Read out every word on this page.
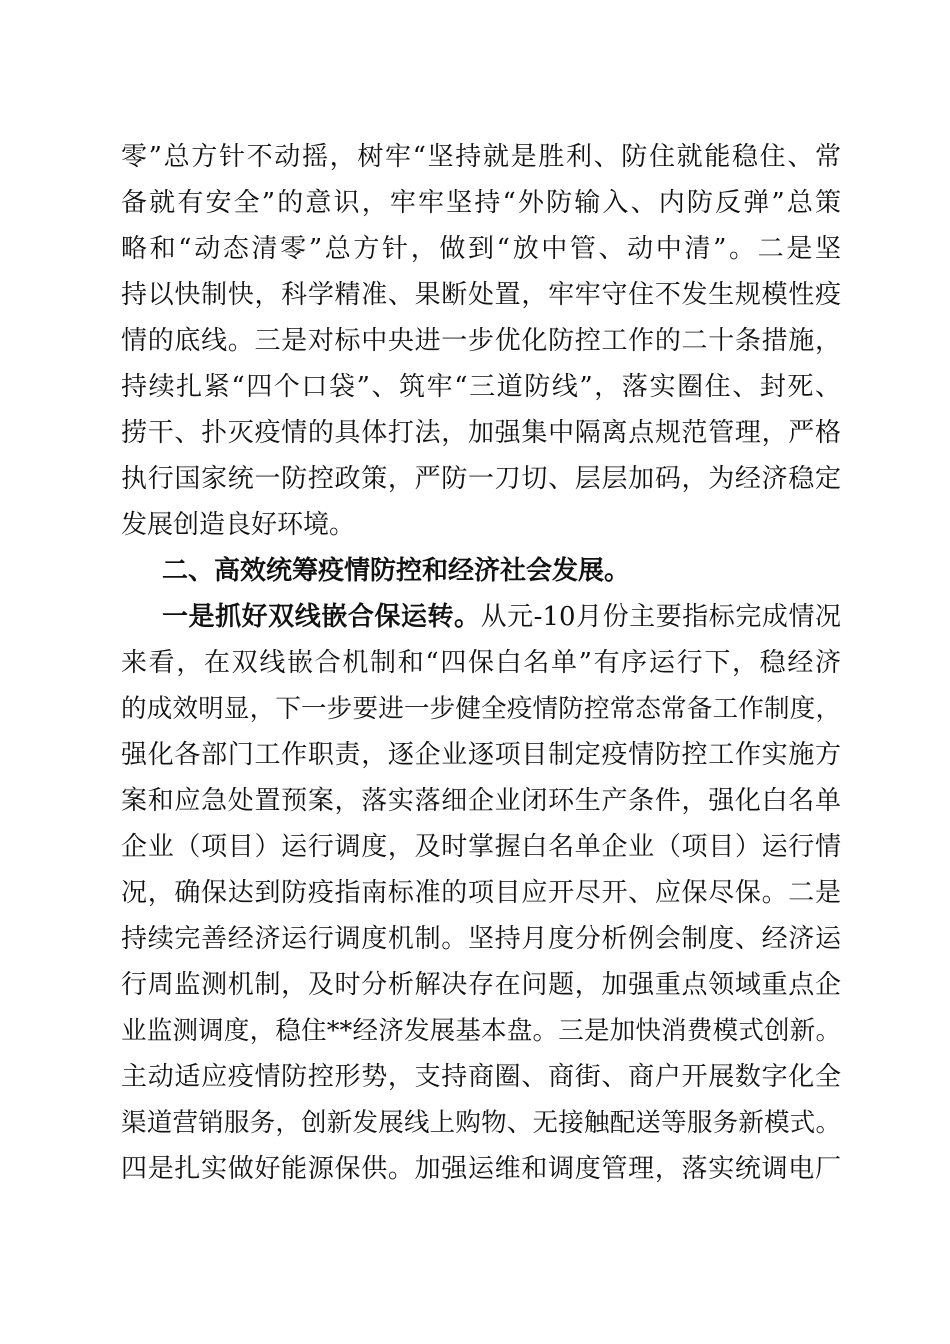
零”总方针不动摇，树牢“坚持就是胜利、防住就能稳住、常
备就有安全”的意识，牢牢坚持“外防输入、内防反弹”总策
略和“动态清零”总方针，做到“放中管、动中清”。二是坚
持以快制快，科学精准、果断处置，牢牢守住不发生规模性疫
情的底线。三是对标中央进一步优化防控工作的二十条措施，
持续扎紧“四个口袋”、筑牢“三道防线”，落实圈住、封死、
捞干、扑灭疫情的具体打法，加强集中隔离点规范管理，严格
执行国家统一防控政策，严防一刀切、层层加码，为经济稳定
发展创造良好环境。
二、高效统筹疫情防控和经济社会发展。
一是抓好双线嵌合保运转。从元-10月份主要指标完成情况
来看，在双线嵌合机制和“四保白名单”有序运行下，稳经济
的成效明显，下一步要进一步健全疫情防控常态常备工作制度，
强化各部门工作职责，逐企业逐项目制定疫情防控工作实施方
案和应急处置预案，落实落细企业闭环生产条件，强化白名单
企业（项目）运行调度，及时掌握白名单企业（项目）运行情
况，确保达到防疫指南标准的项目应开尽开、应保尽保。二是
持续完善经济运行调度机制。坚持月度分析例会制度、经济运
行周监测机制，及时分析解决存在问题，加强重点领域重点企
业监测调度，稳住**经济发展基本盘。三是加快消费模式创新。
主动适应疫情防控形势，支持商圈、商街、商户开展数字化全
渠道营销服务，创新发展线上购物、无接触配送等服务新模式。
四是扎实做好能源保供。加强运维和调度管理，落实统调电厂
